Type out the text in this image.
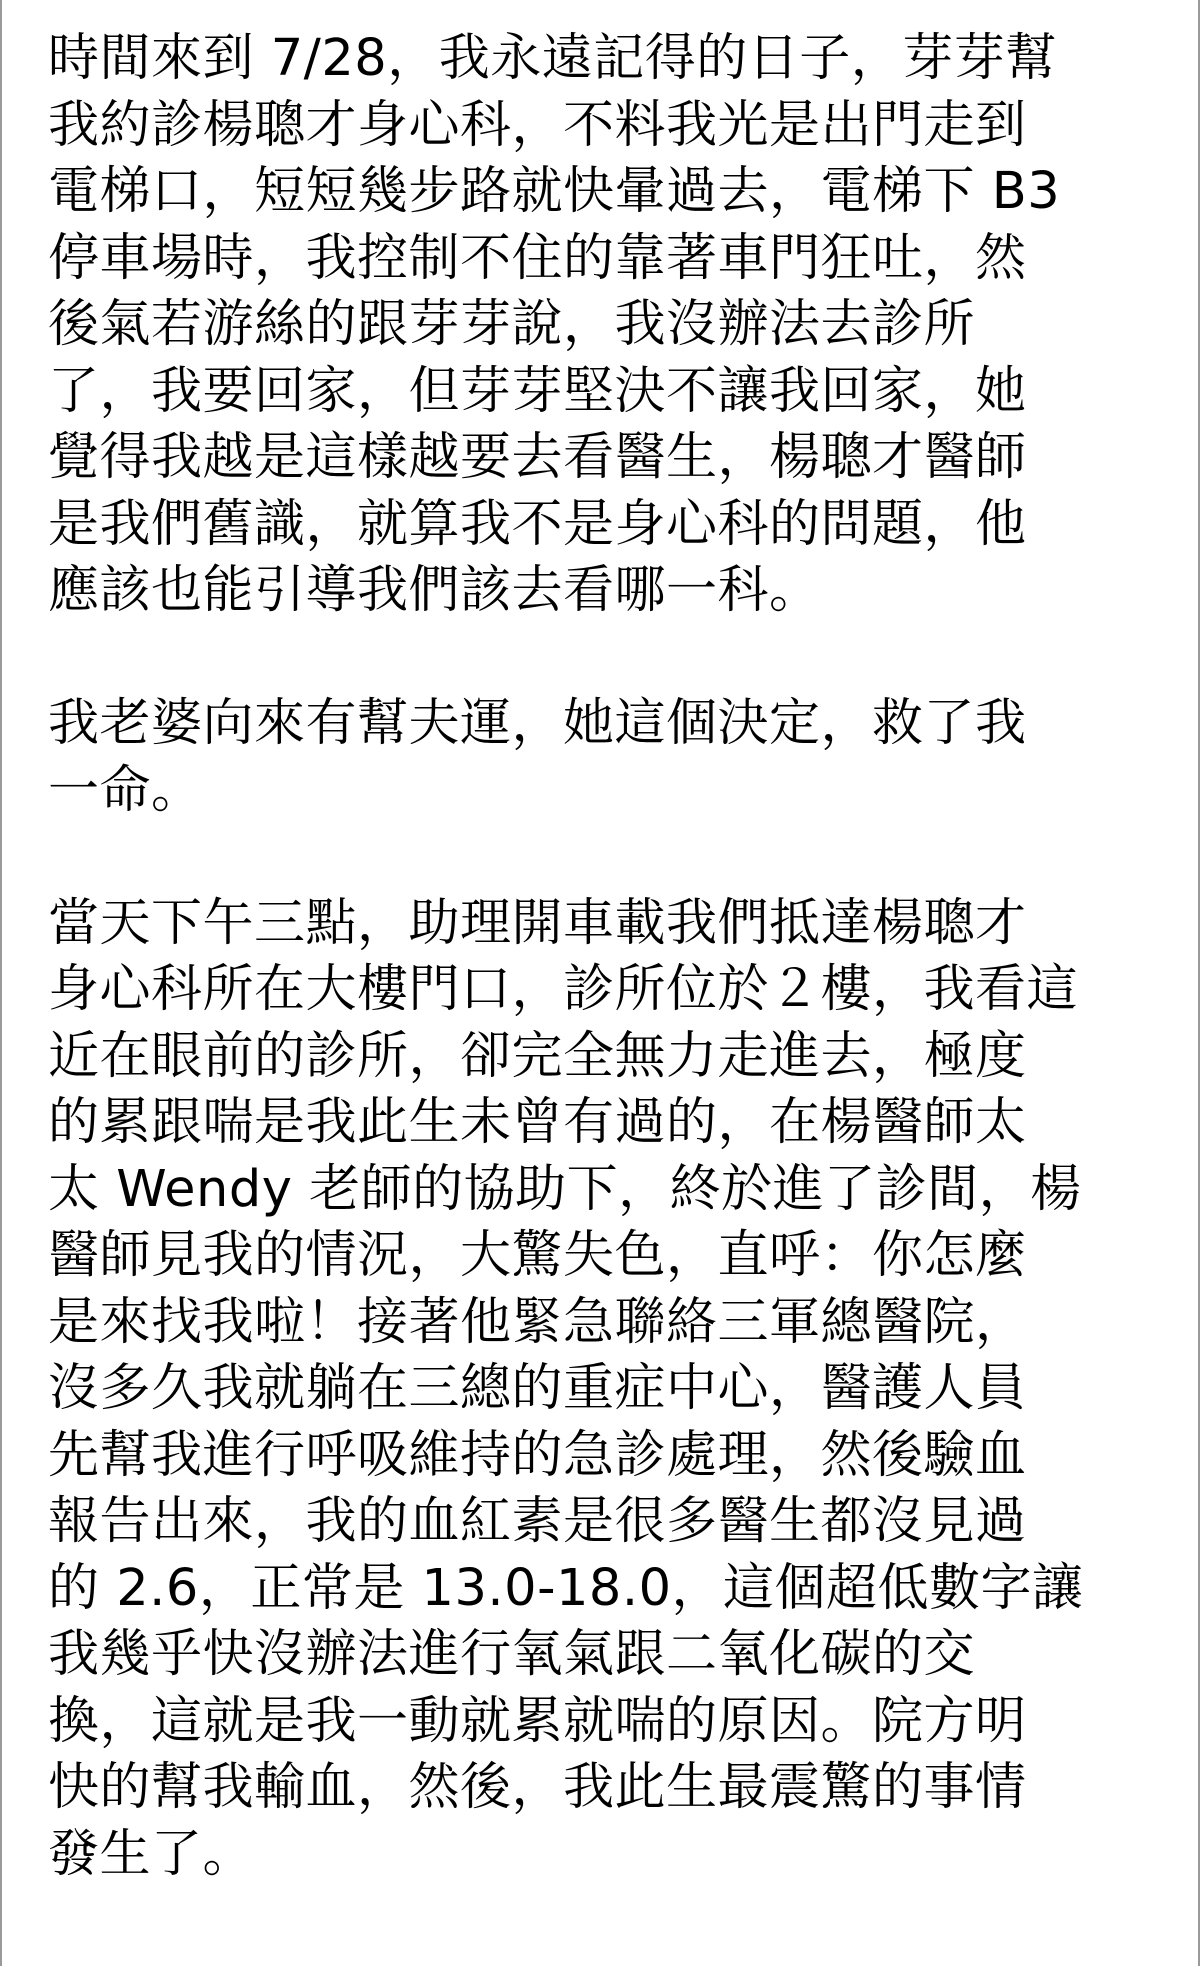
時間來到 7/28，我永遠記得的日子，芽芽幫
我約診楊聰才身心科，不料我光是出門走到
電梯口，短短幾步路就快暈過去，電梯下 B3
停車場時，我控制不住的靠著車門狂吐，然
後氣若游絲的跟芽芽說，我沒辦法去診所
了，我要回家，但芽芽堅決不讓我回家，她
覺得我越是這樣越要去看醫生，楊聰才醫師
是我們舊識，就算我不是身心科的問題，他
應該也能引導我們該去看哪一科。
我老婆向來有幫夫運，她這個決定，救了我
一命。
當天下午三點，助理開車載我們抵達楊聰才
身心科所在大樓門口，診所位於２樓，我看這
近在眼前的診所，卻完全無力走進去，極度
的累跟喘是我此生未曾有過的，在楊醫師太
太 Wendy 老師的協助下，終於進了診間，楊
醫師見我的情況，大驚失色，直呼：你怎麼
是來找我啦！接著他緊急聯絡三軍總醫院，
沒多久我就躺在三總的重症中心，醫護人員
先幫我進行呼吸維持的急診處理，然後驗血
報告出來，我的血紅素是很多醫生都沒見過
的 2.6，正常是 13.0-18.0，這個超低數字讓
我幾乎快沒辦法進行氧氣跟二氧化碳的交
換，這就是我一動就累就喘的原因。院方明
快的幫我輸血，然後，我此生最震驚的事情
發生了。
